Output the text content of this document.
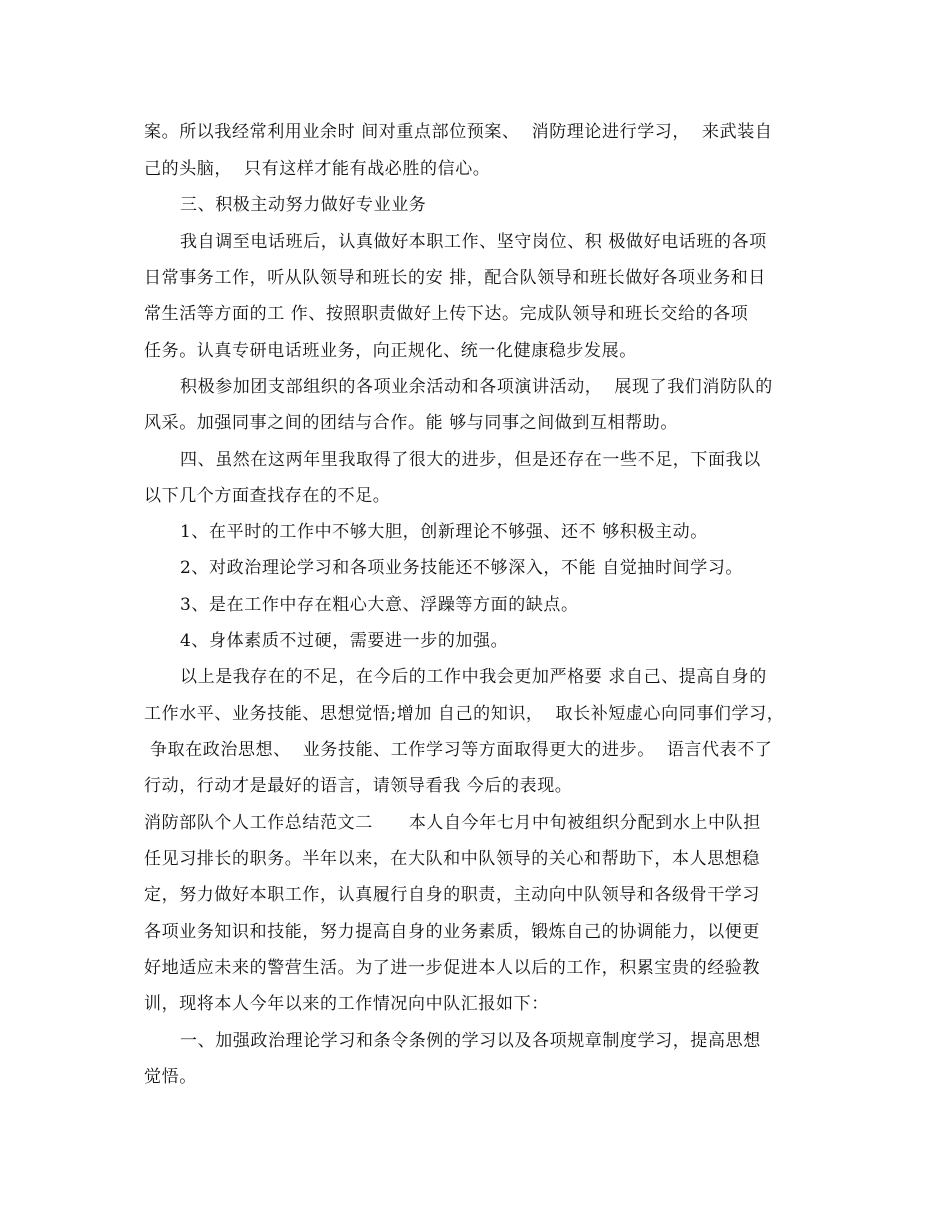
案。所以我经常利用业余时 间对重点部位预案、  消防理论进行学习，  来武装自
己的头脑，  只有这样才能有战必胜的信心。
三、积极主动努力做好专业业务
我自调至电话班后，认真做好本职工作、坚守岗位、积 极做好电话班的各项
日常事务工作，听从队领导和班长的安 排，配合队领导和班长做好各项业务和日
常生活等方面的工 作、按照职责做好上传下达。完成队领导和班长交给的各项
任务。认真专研电话班业务，向正规化、统一化健康稳步发展。
积极参加团支部组织的各项业余活动和各项演讲活动，  展现了我们消防队的
风采。加强同事之间的团结与合作。能 够与同事之间做到互相帮助。
四、虽然在这两年里我取得了很大的进步，但是还存在一些不足，下面我以
以下几个方面查找存在的不足。
1、在平时的工作中不够大胆，创新理论不够强、还不 够积极主动。
2、对政治理论学习和各项业务技能还不够深入，不能 自觉抽时间学习。
3、是在工作中存在粗心大意、浮躁等方面的缺点。
4、身体素质不过硬，需要进一步的加强。
以上是我存在的不足，在今后的工作中我会更加严格要 求自己、提高自身的
工作水平、业务技能、思想觉悟;增加 自己的知识，  取长补短虚心向同事们学习，
争取在政治思想、  业务技能、工作学习等方面取得更大的进步。  语言代表不了
行动，行动才是最好的语言，请领导看我 今后的表现。
消防部队个人工作总结范文二      本人自今年七月中旬被组织分配到水上中队担
任见习排长的职务。半年以来，在大队和中队领导的关心和帮助下，本人思想稳
定，努力做好本职工作，认真履行自身的职责，主动向中队领导和各级骨干学习
各项业务知识和技能，努力提高自身的业务素质，锻炼自己的协调能力，以便更
好地适应未来的警营生活。为了进一步促进本人以后的工作，积累宝贵的经验教
训，现将本人今年以来的工作情况向中队汇报如下：
一、加强政治理论学习和条令条例的学习以及各项规章制度学习，提高思想
觉悟。
